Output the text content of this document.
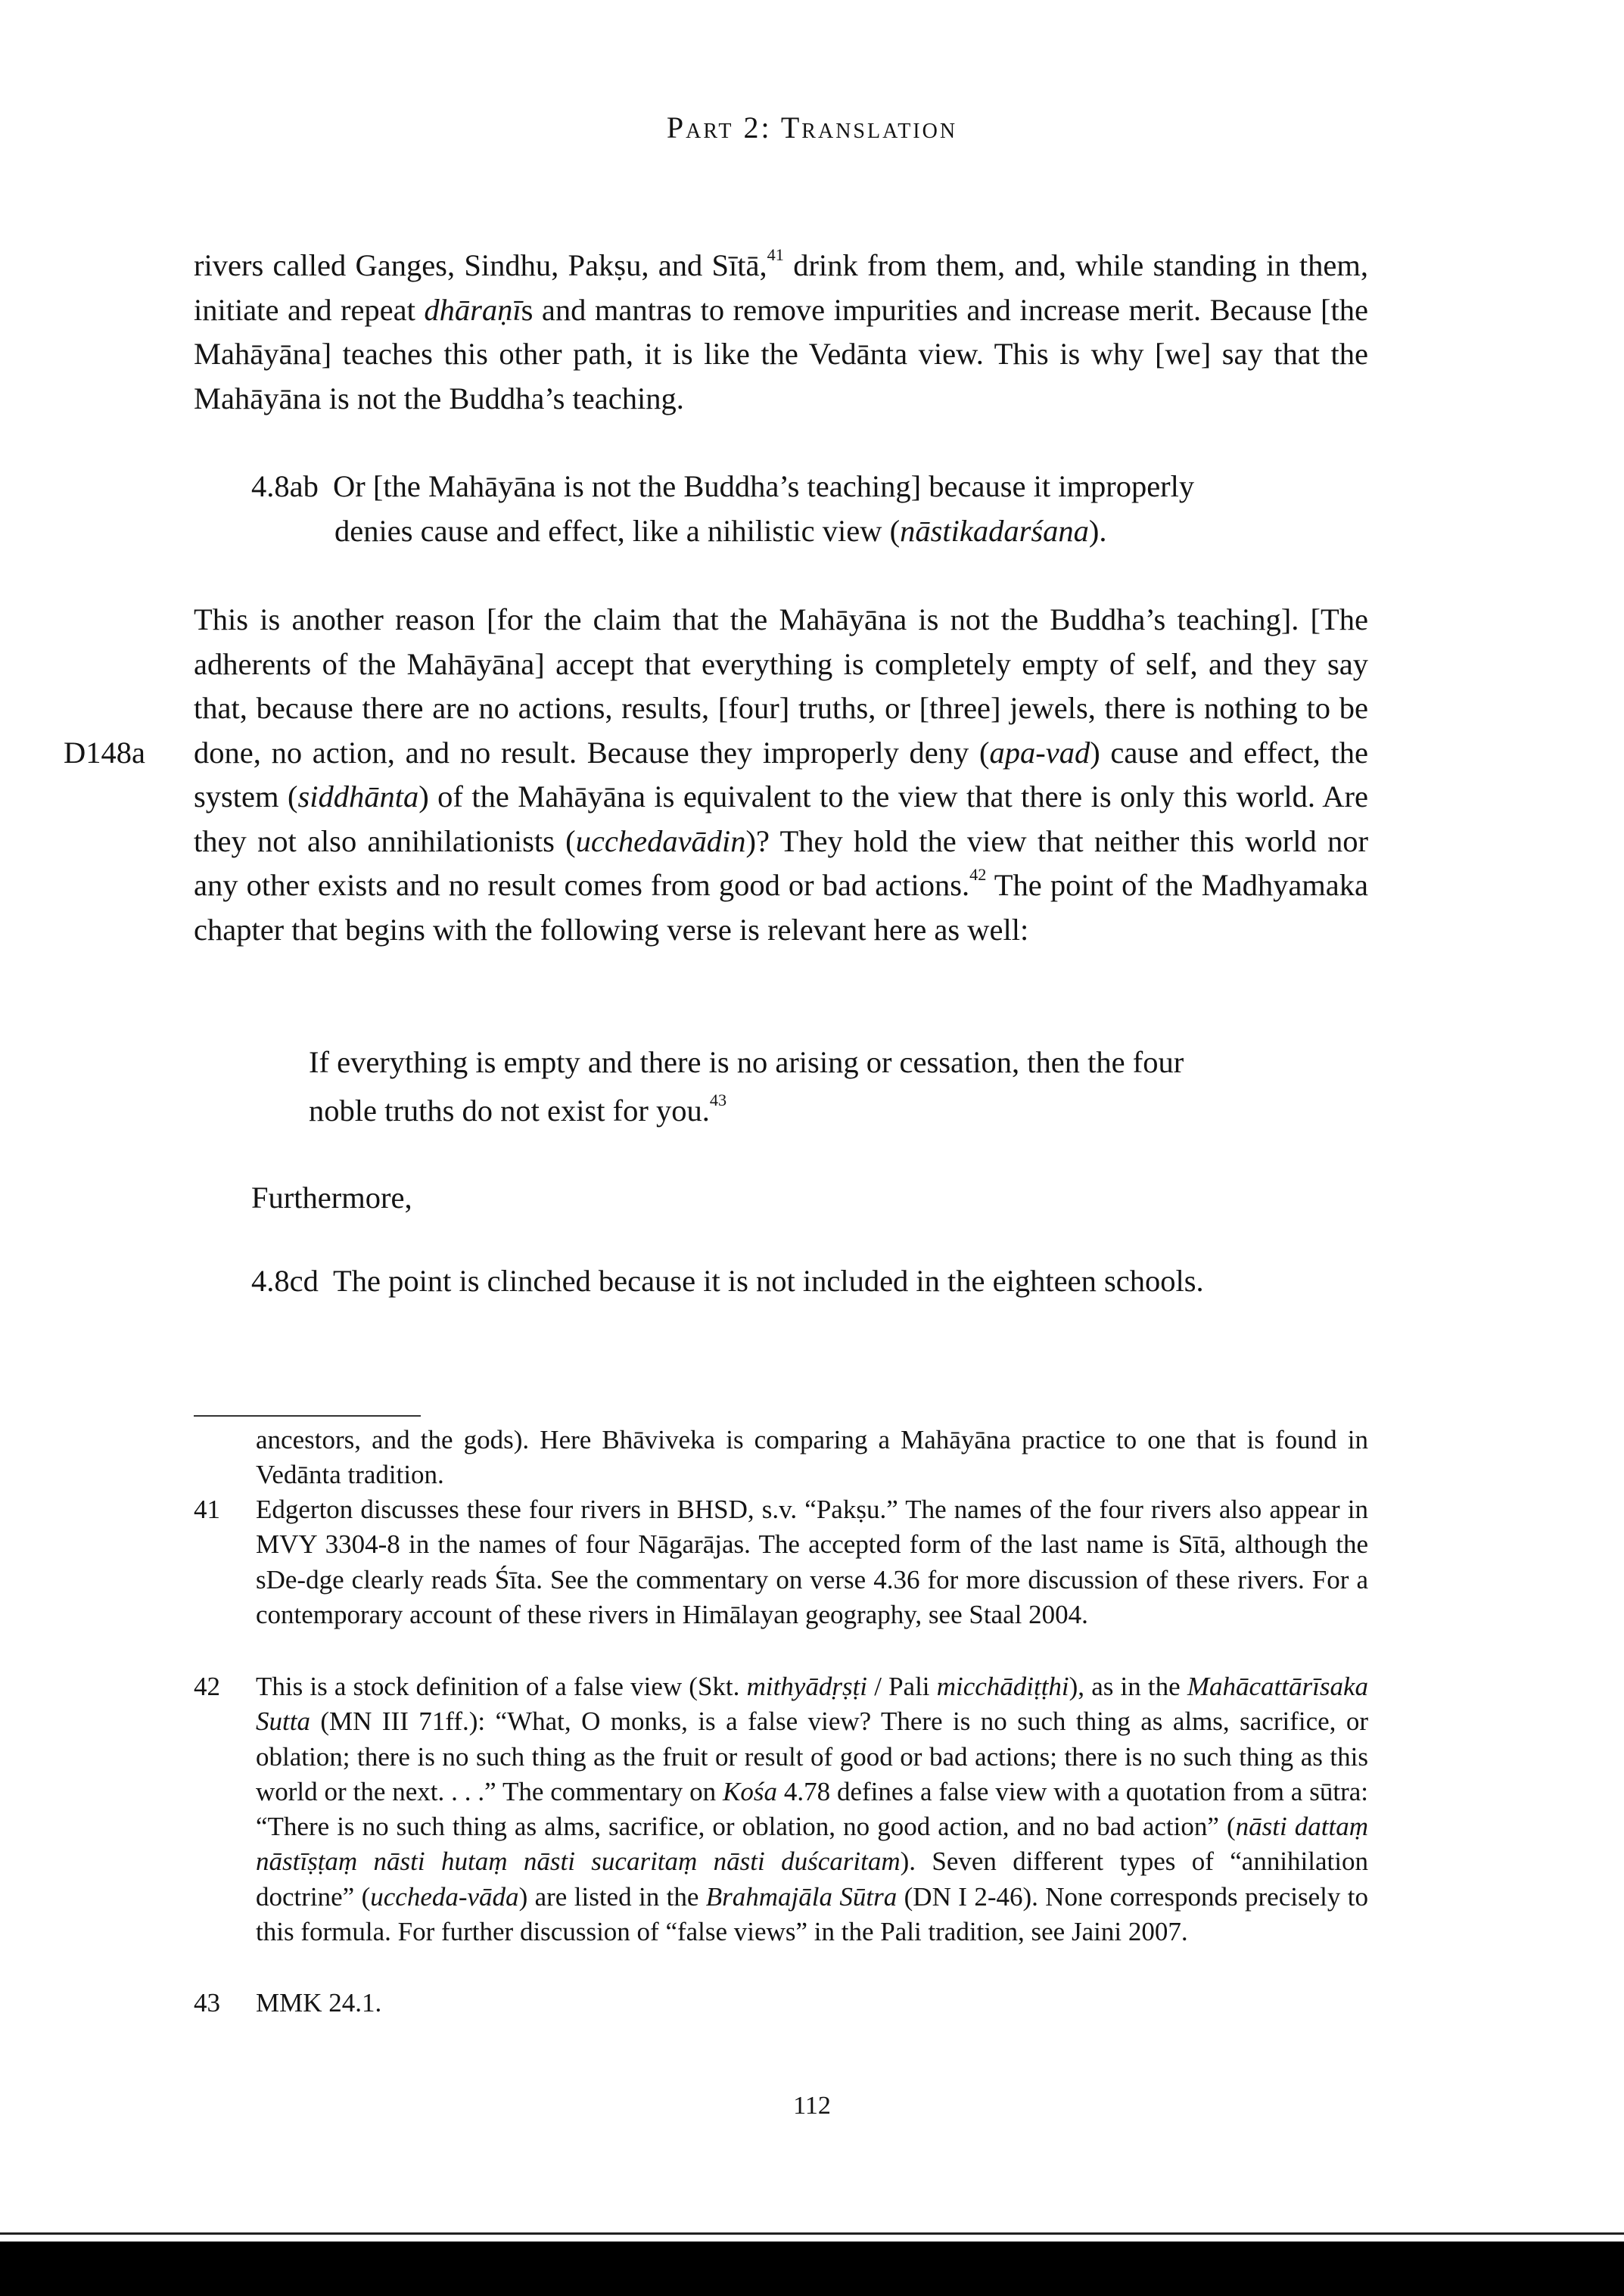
Part 2: Translation
rivers called Ganges, Sindhu, Pakṣu, and Sītā,$^{41}$ drink from them, and, while standing in them, initiate and repeat dhāraṇīs and mantras to remove impurities and increase merit. Because [the Mahāyāna] teaches this other path, it is like the Vedānta view. This is why [we] say that the Mahāyāna is not the Buddha’s teaching.
4.8ab Or [the Mahāyāna is not the Buddha’s teaching] because it improperly
denies cause and effect, like a nihilistic view (nāstikadarśana).
D148a
This is another reason [for the claim that the Mahāyāna is not the Buddha’s teaching]. [The adherents of the Mahāyāna] accept that everything is completely empty of self, and they say that, because there are no actions, results, [four] truths, or [three] jewels, there is nothing to be done, no action, and no result. Because they improperly deny (apa-vad) cause and effect, the system (siddhānta) of the Mahāyāna is equivalent to the view that there is only this world. Are they not also annihilationists (ucchedavādin)? They hold the view that neither this world nor any other exists and no result comes from good or bad actions.$^{42}$ The point of the Madhyamaka chapter that begins with the following verse is relevant here as well:
If everything is empty and there is no arising or cessation, then the four
noble truths do not exist for you.$^{43}$
Furthermore,
4.8cd The point is clinched because it is not included in the eighteen schools.
ancestors, and the gods). Here Bhāviveka is comparing a Mahāyāna practice to one that is found in Vedānta tradition.
41 Edgerton discusses these four rivers in BHSD, s.v. “Pakṣu.” The names of the four rivers also appear in MVY 3304-8 in the names of four Nāgarājas. The accepted form of the last name is Sītā, although the sDe-dge clearly reads Śīta. See the commentary on verse 4.36 for more discussion of these rivers. For a contemporary account of these rivers in Himālayan geography, see Staal 2004.
42 This is a stock definition of a false view (Skt. mithyādṛṣṭi / Pali micchādiṭṭhi), as in the Mahācattārīsaka Sutta (MN III 71ff.): “What, O monks, is a false view? There is no such thing as alms, sacrifice, or oblation; there is no such thing as the fruit or result of good or bad actions; there is no such thing as this world or the next. . . .” The commentary on Kośa 4.78 defines a false view with a quotation from a sūtra: “There is no such thing as alms, sacrifice, or oblation, no good action, and no bad action” (nāsti dattaṃ nāstīṣṭaṃ nāsti hutaṃ nāsti sucaritaṃ nāsti duścaritam). Seven different types of “annihilation doctrine” (uccheda-vāda) are listed in the Brahmajāla Sūtra (DN I 2-46). None corresponds precisely to this formula. For further discussion of “false views” in the Pali tradition, see Jaini 2007.
43 MMK 24.1.
112
